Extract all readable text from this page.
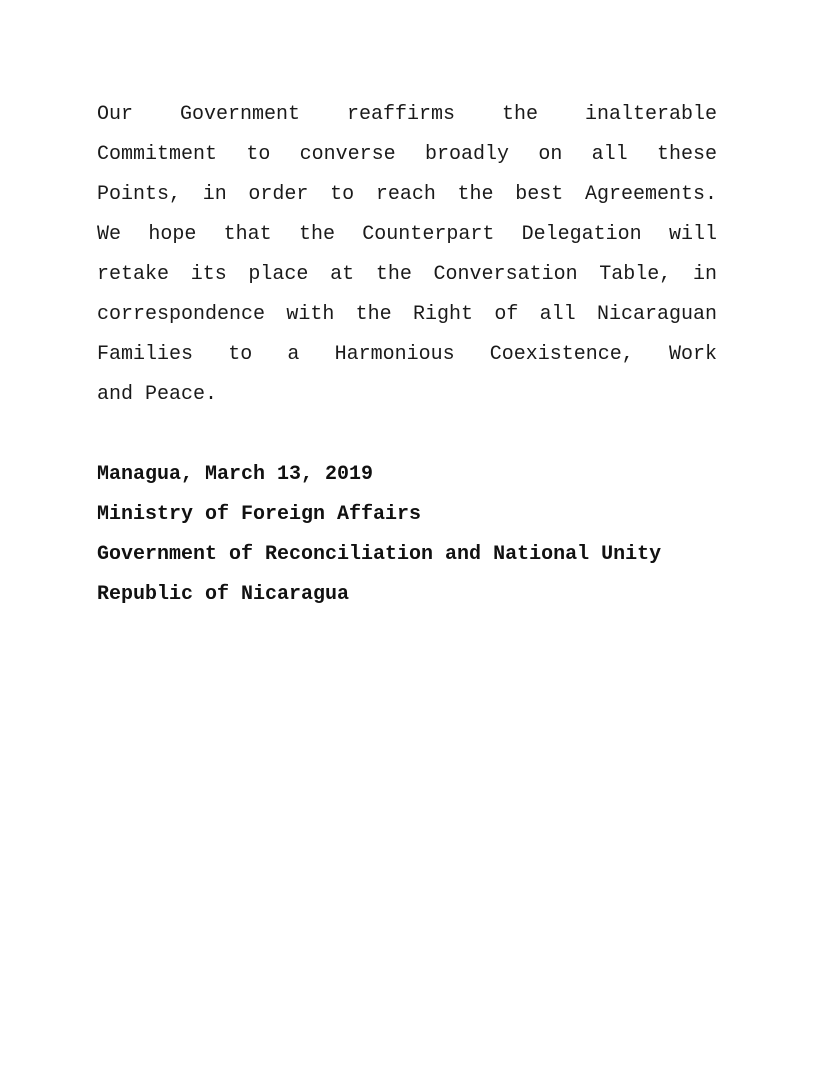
Our Government reaffirms the inalterable
Commitment to converse broadly on all these
Points, in order to reach the best Agreements.
We hope that the Counterpart Delegation will
retake its place at the Conversation Table, in
correspondence with the Right of all Nicaraguan
Families to a Harmonious Coexistence, Work
and Peace.
Managua, March 13, 2019
Ministry of Foreign Affairs
Government of Reconciliation and National Unity
Republic of Nicaragua
